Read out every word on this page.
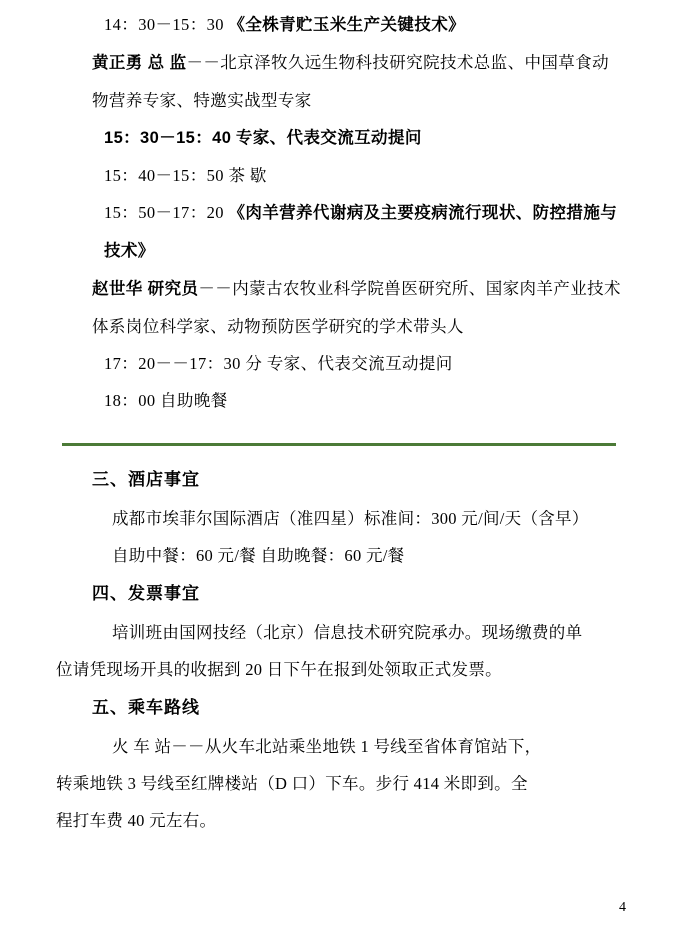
14：30－15：30 《全株青贮玉米生产关键技术》
黄正勇 总 监－－北京泽牧久远生物科技研究院技术总监、中国草食动物营养专家、特邀实战型专家
15：30－15：40 专家、代表交流互动提问
15：40－15：50 茶 歇
15：50－17：20 《肉羊营养代谢病及主要疫病流行现状、防控措施与技术》
赵世华 研究员－－内蒙古农牧业科学院兽医研究所、国家肉羊产业技术体系岗位科学家、动物预防医学研究的学术带头人
17：20－－17：30 分 专家、代表交流互动提问
18：00 自助晚餐
三、酒店事宜
成都市埃菲尔国际酒店（准四星）标准间：300 元/间/天（含早）
自助中餐：60 元/餐 自助晚餐：60 元/餐
四、发票事宜
培训班由国网技经（北京）信息技术研究院承办。现场缴费的单
位请凭现场开具的收据到 20 日下午在报到处领取正式发票。
五、乘车路线
火 车 站－－从火车北站乘坐地铁 1 号线至省体育馆站下，
转乘地铁 3 号线至红牌楼站（D 口）下车。步行 414 米即到。全
程打车费 40 元左右。
4
